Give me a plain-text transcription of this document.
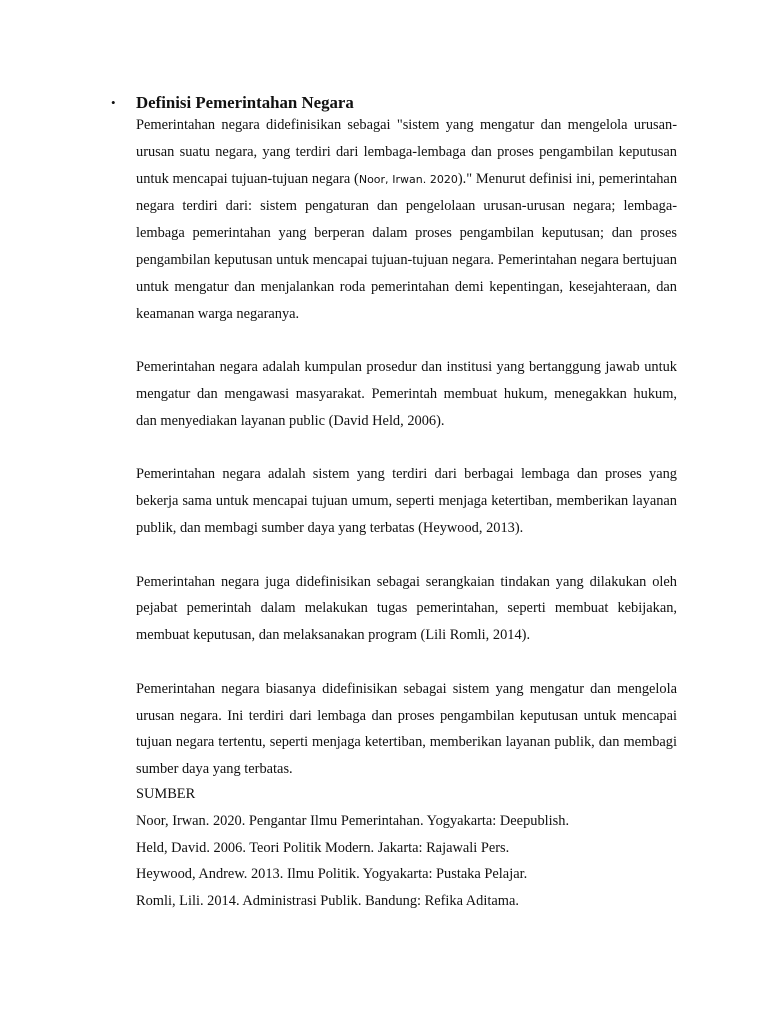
• Definisi Pemerintahan Negara

Pemerintahan negara didefinisikan sebagai "sistem yang mengatur dan mengelola urusan-urusan suatu negara, yang terdiri dari lembaga-lembaga dan proses pengambilan keputusan untuk mencapai tujuan-tujuan negara (Noor, Irwan. 2020)." Menurut definisi ini, pemerintahan negara terdiri dari: sistem pengaturan dan pengelolaan urusan-urusan negara; lembaga-lembaga pemerintahan yang berperan dalam proses pengambilan keputusan; dan proses pengambilan keputusan untuk mencapai tujuan-tujuan negara. Pemerintahan negara bertujuan untuk mengatur dan menjalankan roda pemerintahan demi kepentingan, kesejahteraan, dan keamanan warga negaranya.

Pemerintahan negara adalah kumpulan prosedur dan institusi yang bertanggung jawab untuk mengatur dan mengawasi masyarakat. Pemerintah membuat hukum, menegakkan hukum, dan menyediakan layanan public (David Held, 2006).

Pemerintahan negara adalah sistem yang terdiri dari berbagai lembaga dan proses yang bekerja sama untuk mencapai tujuan umum, seperti menjaga ketertiban, memberikan layanan publik, dan membagi sumber daya yang terbatas (Heywood, 2013).

Pemerintahan negara juga didefinisikan sebagai serangkaian tindakan yang dilakukan oleh pejabat pemerintah dalam melakukan tugas pemerintahan, seperti membuat kebijakan, membuat keputusan, dan melaksanakan program (Lili Romli, 2014).

Pemerintahan negara biasanya didefinisikan sebagai sistem yang mengatur dan mengelola urusan negara. Ini terdiri dari lembaga dan proses pengambilan keputusan untuk mencapai tujuan negara tertentu, seperti menjaga ketertiban, memberikan layanan publik, dan membagi sumber daya yang terbatas.

SUMBER

Noor, Irwan. 2020. Pengantar Ilmu Pemerintahan. Yogyakarta: Deepublish.

Held, David. 2006. Teori Politik Modern. Jakarta: Rajawali Pers.

Heywood, Andrew. 2013. Ilmu Politik. Yogyakarta: Pustaka Pelajar.

Romli, Lili. 2014. Administrasi Publik. Bandung: Refika Aditama.
